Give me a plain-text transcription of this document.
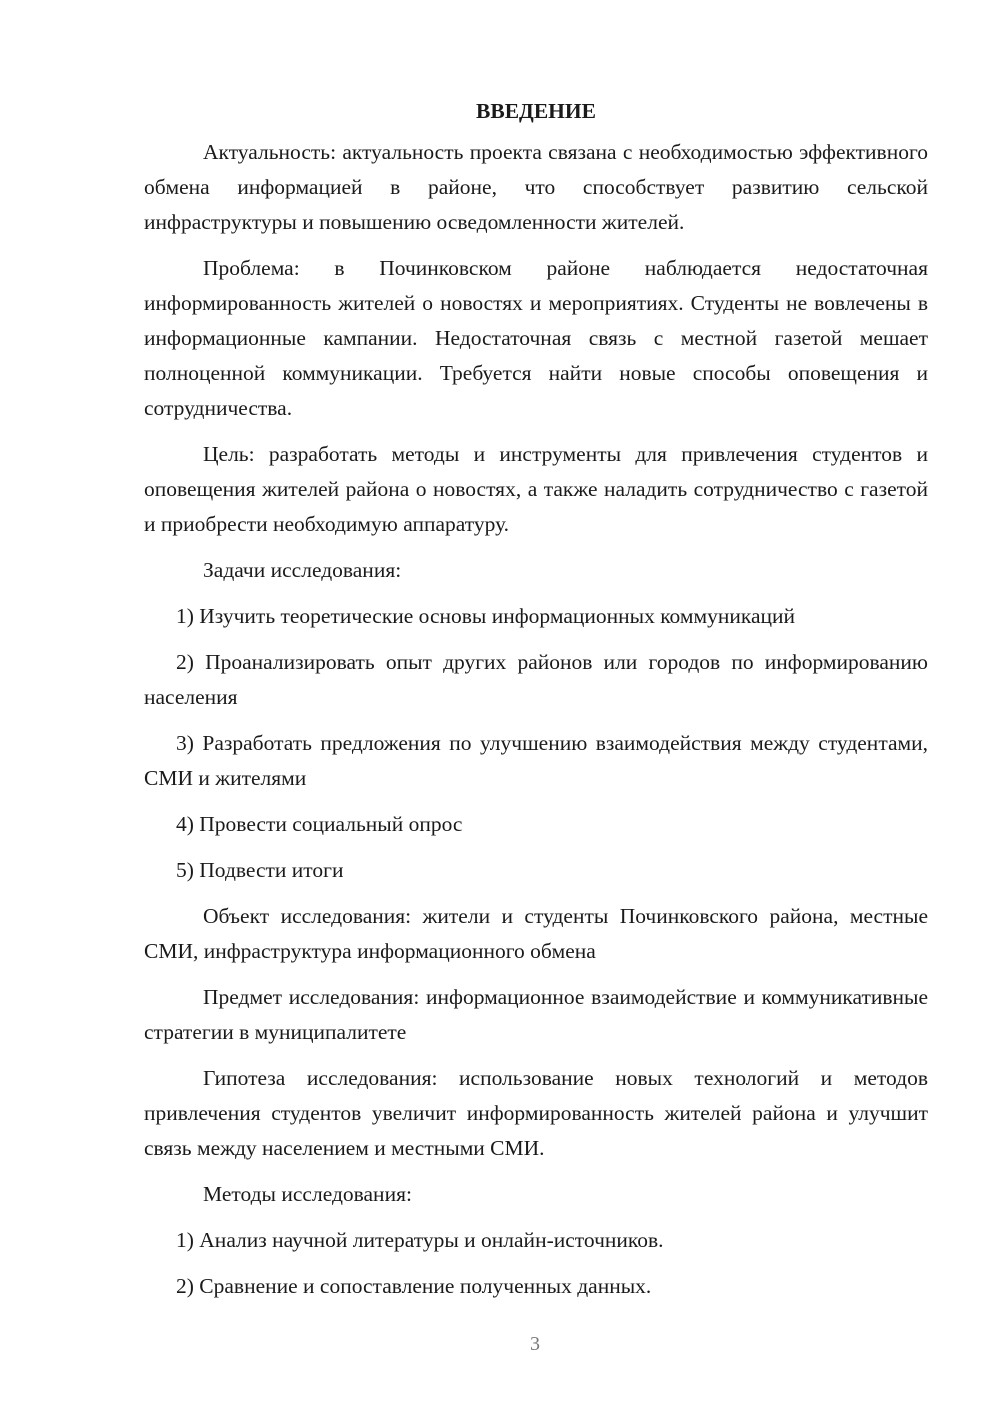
ВВЕДЕНИЕ

Актуальность: актуальность проекта связана с необходимостью эффективного обмена информацией в районе, что способствует развитию сельской инфраструктуры и повышению осведомленности жителей.

Проблема: в Починковском районе наблюдается недостаточная информированность жителей о новостях и мероприятиях. Студенты не вовлечены в информационные кампании. Недостаточная связь с местной газетой мешает полноценной коммуникации. Требуется найти новые способы оповещения и сотрудничества.

Цель: разработать методы и инструменты для привлечения студентов и оповещения жителей района о новостях, а также наладить сотрудничество с газетой и приобрести необходимую аппаратуру.

Задачи исследования:

1) Изучить теоретические основы информационных коммуникаций

2) Проанализировать опыт других районов или городов по информированию населения

3) Разработать предложения по улучшению взаимодействия между студентами, СМИ и жителями

4) Провести социальный опрос

5) Подвести итоги

Объект исследования: жители и студенты Починковского района, местные СМИ, инфраструктура информационного обмена

Предмет исследования: информационное взаимодействие и коммуникативные стратегии в муниципалитете

Гипотеза исследования: использование новых технологий и методов привлечения студентов увеличит информированность жителей района и улучшит связь между населением и местными СМИ.

Методы исследования:

1) Анализ научной литературы и онлайн-источников.

2) Сравнение и сопоставление полученных данных.

3
